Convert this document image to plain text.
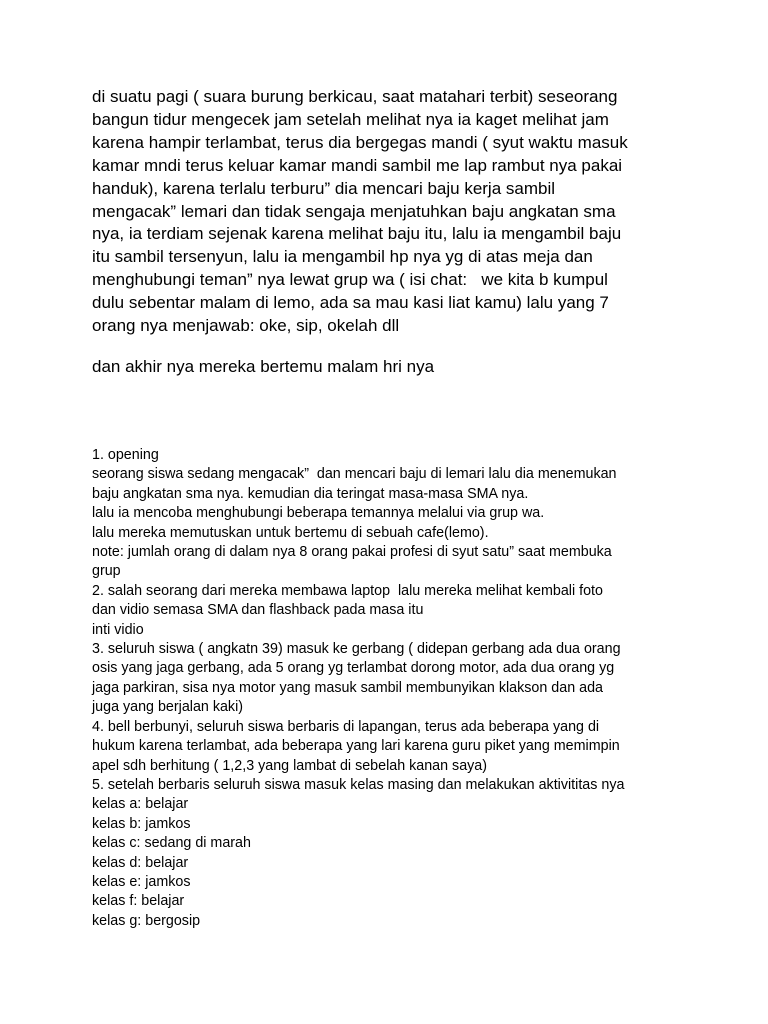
di suatu pagi ( suara burung berkicau, saat matahari terbit) seseorang
bangun tidur mengecek jam setelah melihat nya ia kaget melihat jam
karena hampir terlambat, terus dia bergegas mandi ( syut waktu masuk
kamar mndi terus keluar kamar mandi sambil me lap rambut nya pakai
handuk), karena terlalu terburu” dia mencari baju kerja sambil
mengacak” lemari dan tidak sengaja menjatuhkan baju angkatan sma
nya, ia terdiam sejenak karena melihat baju itu, lalu ia mengambil baju
itu sambil tersenyun, lalu ia mengambil hp nya yg di atas meja dan
menghubungi teman” nya lewat grup wa ( isi chat:   we kita b kumpul
dulu sebentar malam di lemo, ada sa mau kasi liat kamu) lalu yang 7
orang nya menjawab: oke, sip, okelah dll
dan akhir nya mereka bertemu malam hri nya
1. opening
seorang siswa sedang mengacak”  dan mencari baju di lemari lalu dia menemukan
baju angkatan sma nya. kemudian dia teringat masa-masa SMA nya.
lalu ia mencoba menghubungi beberapa temannya melalui via grup wa.
lalu mereka memutuskan untuk bertemu di sebuah cafe(lemo).
note: jumlah orang di dalam nya 8 orang pakai profesi di syut satu” saat membuka
grup
2. salah seorang dari mereka membawa laptop  lalu mereka melihat kembali foto
dan vidio semasa SMA dan flashback pada masa itu
inti vidio
3. seluruh siswa ( angkatn 39) masuk ke gerbang ( didepan gerbang ada dua orang
osis yang jaga gerbang, ada 5 orang yg terlambat dorong motor, ada dua orang yg
jaga parkiran, sisa nya motor yang masuk sambil membunyikan klakson dan ada
juga yang berjalan kaki)
4. bell berbunyi, seluruh siswa berbaris di lapangan, terus ada beberapa yang di
hukum karena terlambat, ada beberapa yang lari karena guru piket yang memimpin
apel sdh berhitung ( 1,2,3 yang lambat di sebelah kanan saya)
5. setelah berbaris seluruh siswa masuk kelas masing dan melakukan aktivititas nya
kelas a: belajar
kelas b: jamkos
kelas c: sedang di marah
kelas d: belajar
kelas e: jamkos
kelas f: belajar
kelas g: bergosip
